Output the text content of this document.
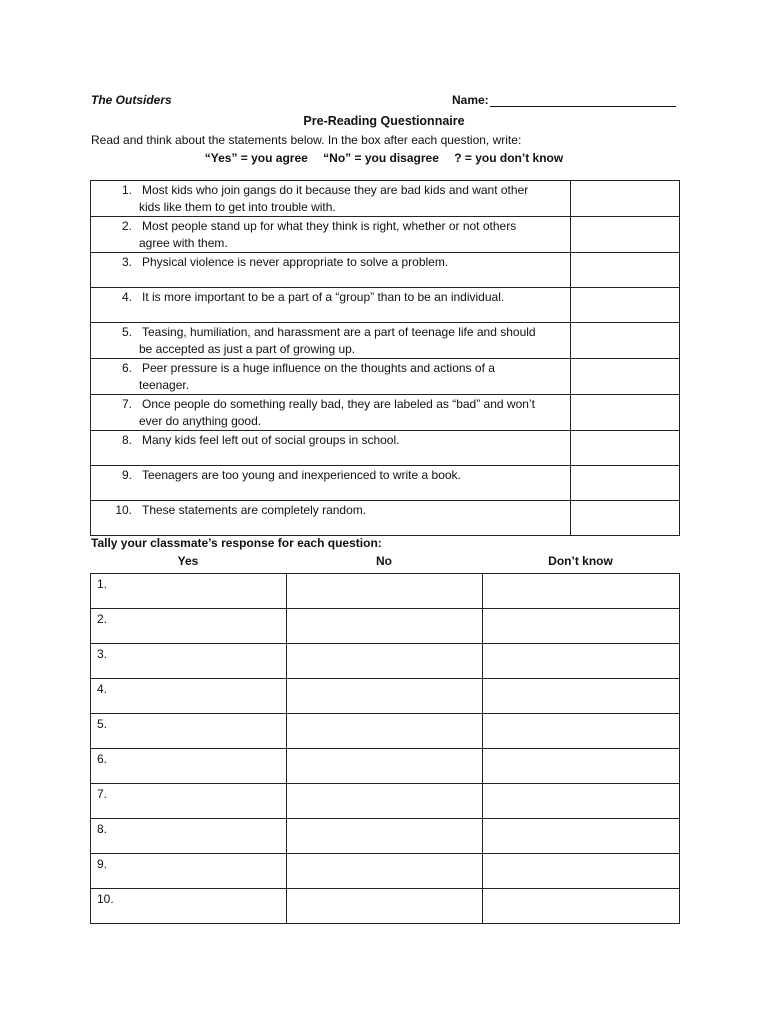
The Outsiders	Name:
Pre-Reading Questionnaire
Read and think about the statements below. In the box after each question, write:
“Yes” = you agree “No” = you disagree ? = you don’t know
1. Most kids who join gangs do it because they are bad kids and want other
kids like them to get into trouble with.	

2. Most people stand up for what they think is right, whether or not others
agree with them.	

3. Physical violence is never appropriate to solve a problem.	

4. It is more important to be a part of a “group” than to be an individual.	

5. Teasing, humiliation, and harassment are a part of teenage life and should
be accepted as just a part of growing up.	

6. Peer pressure is a huge influence on the thoughts and actions of a
teenager.	

7. Once people do something really bad, they are labeled as “bad” and won’t
ever do anything good.	

8. Many kids feel left out of social groups in school.	

9. Teenagers are too young and inexperienced to write a book.	

10. These statements are completely random.	

Tally your classmate’s response for each question:
Yes	No	Don’t know
1.		

2.		

3.		

4.		

5.		

6.		

7.		

8.		

9.		

10.		
